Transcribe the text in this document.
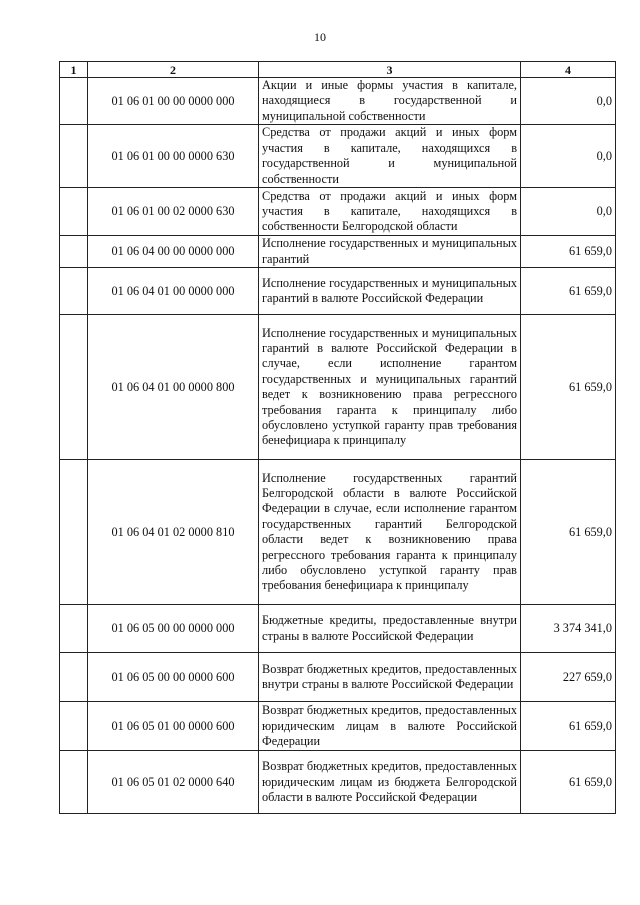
10
1	2	3	4
	01 06 01 00 00 0000 000	Акции и иные формы участия в капитале, находящиеся в государственной и муниципальной собственности	0,0
	01 06 01 00 00 0000 630	Средства от продажи акций и иных форм участия в капитале, находящихся в государственной и муниципальной собственности	0,0
	01 06 01 00 02 0000 630	Средства от продажи акций и иных форм участия в капитале, находящихся в собственности Белгородской области	0,0
	01 06 04 00 00 0000 000	Исполнение государственных и муниципальных гарантий	61 659,0
	01 06 04 01 00 0000 000	Исполнение государственных и муниципальных гарантий в валюте Российской Федерации	61 659,0
	01 06 04 01 00 0000 800	Исполнение государственных и муниципальных гарантий в валюте Российской Федерации в случае, если исполнение гарантом государственных и муниципальных гарантий ведет к возникновению права регрессного требования гаранта к принципалу либо обусловлено уступкой гаранту прав требования бенефициара к принципалу	61 659,0
	01 06 04 01 02 0000 810	Исполнение государственных гарантий Белгородской области в валюте Российской Федерации в случае, если исполнение гарантом государственных гарантий Белгородской области ведет к возникновению права регрессного требования гаранта к принципалу либо обусловлено уступкой гаранту прав требования бенефициара к принципалу	61 659,0
	01 06 05 00 00 0000 000	Бюджетные кредиты, предоставленные внутри страны в валюте Российской Федерации	3 374 341,0
	01 06 05 00 00 0000 600	Возврат бюджетных кредитов, предоставленных внутри страны в валюте Российской Федерации	227 659,0
	01 06 05 01 00 0000 600	Возврат бюджетных кредитов, предоставленных юридическим лицам в валюте Российской Федерации	61 659,0
	01 06 05 01 02 0000 640	Возврат бюджетных кредитов, предоставленных юридическим лицам из бюджета Белгородской области в валюте Российской Федерации	61 659,0
